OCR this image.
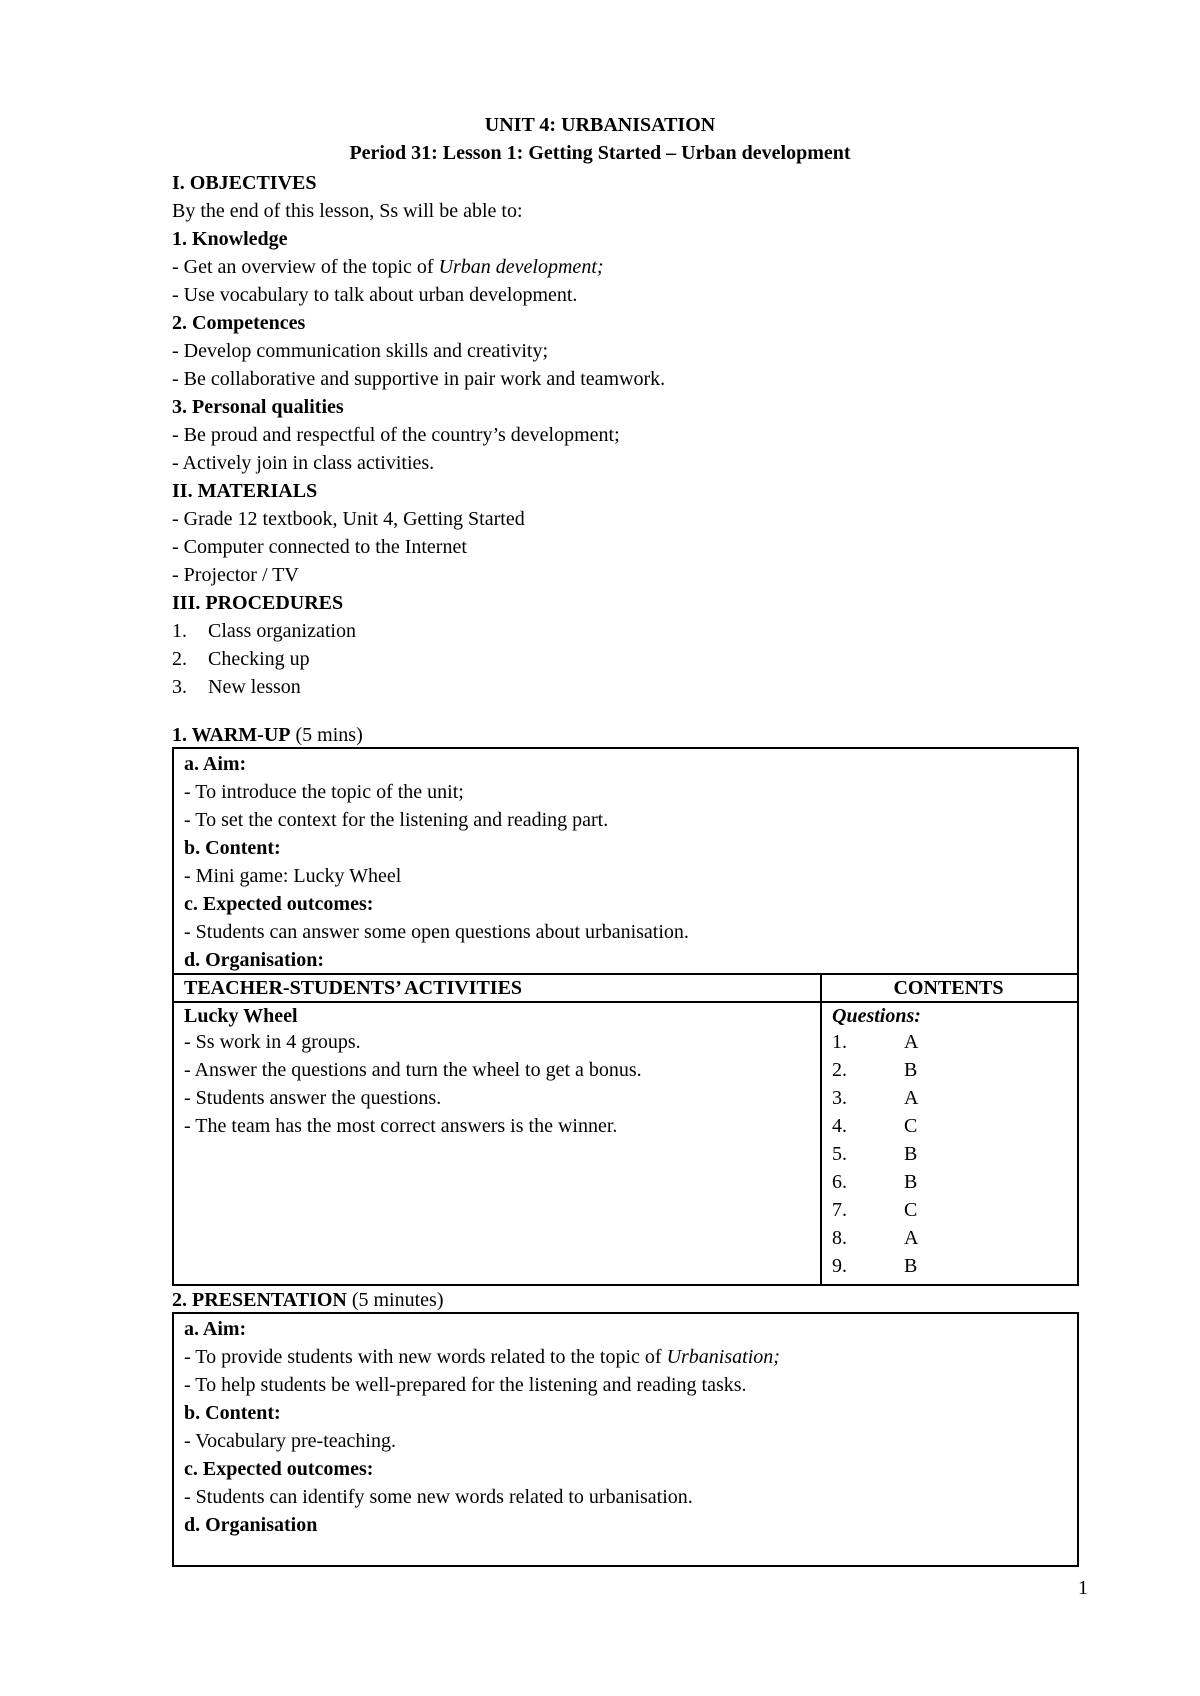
UNIT 4: URBANISATION
Period 31: Lesson 1: Getting Started – Urban development
I. OBJECTIVES
By the end of this lesson, Ss will be able to:
1. Knowledge
- Get an overview of the topic of Urban development;
- Use vocabulary to talk about urban development.
2. Competences
- Develop communication skills and creativity;
- Be collaborative and supportive in pair work and teamwork.
3. Personal qualities
- Be proud and respectful of the country’s development;
- Actively join in class activities.
II. MATERIALS
- Grade 12 textbook, Unit 4, Getting Started
- Computer connected to the Internet
- Projector / TV
III. PROCEDURES
1. Class organization
2. Checking up
3. New lesson
1. WARM-UP (5 mins)
a. Aim:
- To introduce the topic of the unit;
- To set the context for the listening and reading part.
b. Content:
- Mini game: Lucky Wheel
c. Expected outcomes:
- Students can answer some open questions about urbanisation.
d. Organisation:
TEACHER-STUDENTS’ ACTIVITIES	CONTENTS
Lucky Wheel
- Ss work in 4 groups.
- Answer the questions and turn the wheel to get a bonus.
- Students answer the questions.
- The team has the most correct answers is the winner.
Questions:
1.	A
2.	B
3.	A
4.	C
5.	B
6.	B
7.	C
8.	A
9.	B
2. PRESENTATION (5 minutes)
a. Aim:
- To provide students with new words related to the topic of Urbanisation;
- To help students be well-prepared for the listening and reading tasks.
b. Content:
- Vocabulary pre-teaching.
c. Expected outcomes:
- Students can identify some new words related to urbanisation.
d. Organisation
1
